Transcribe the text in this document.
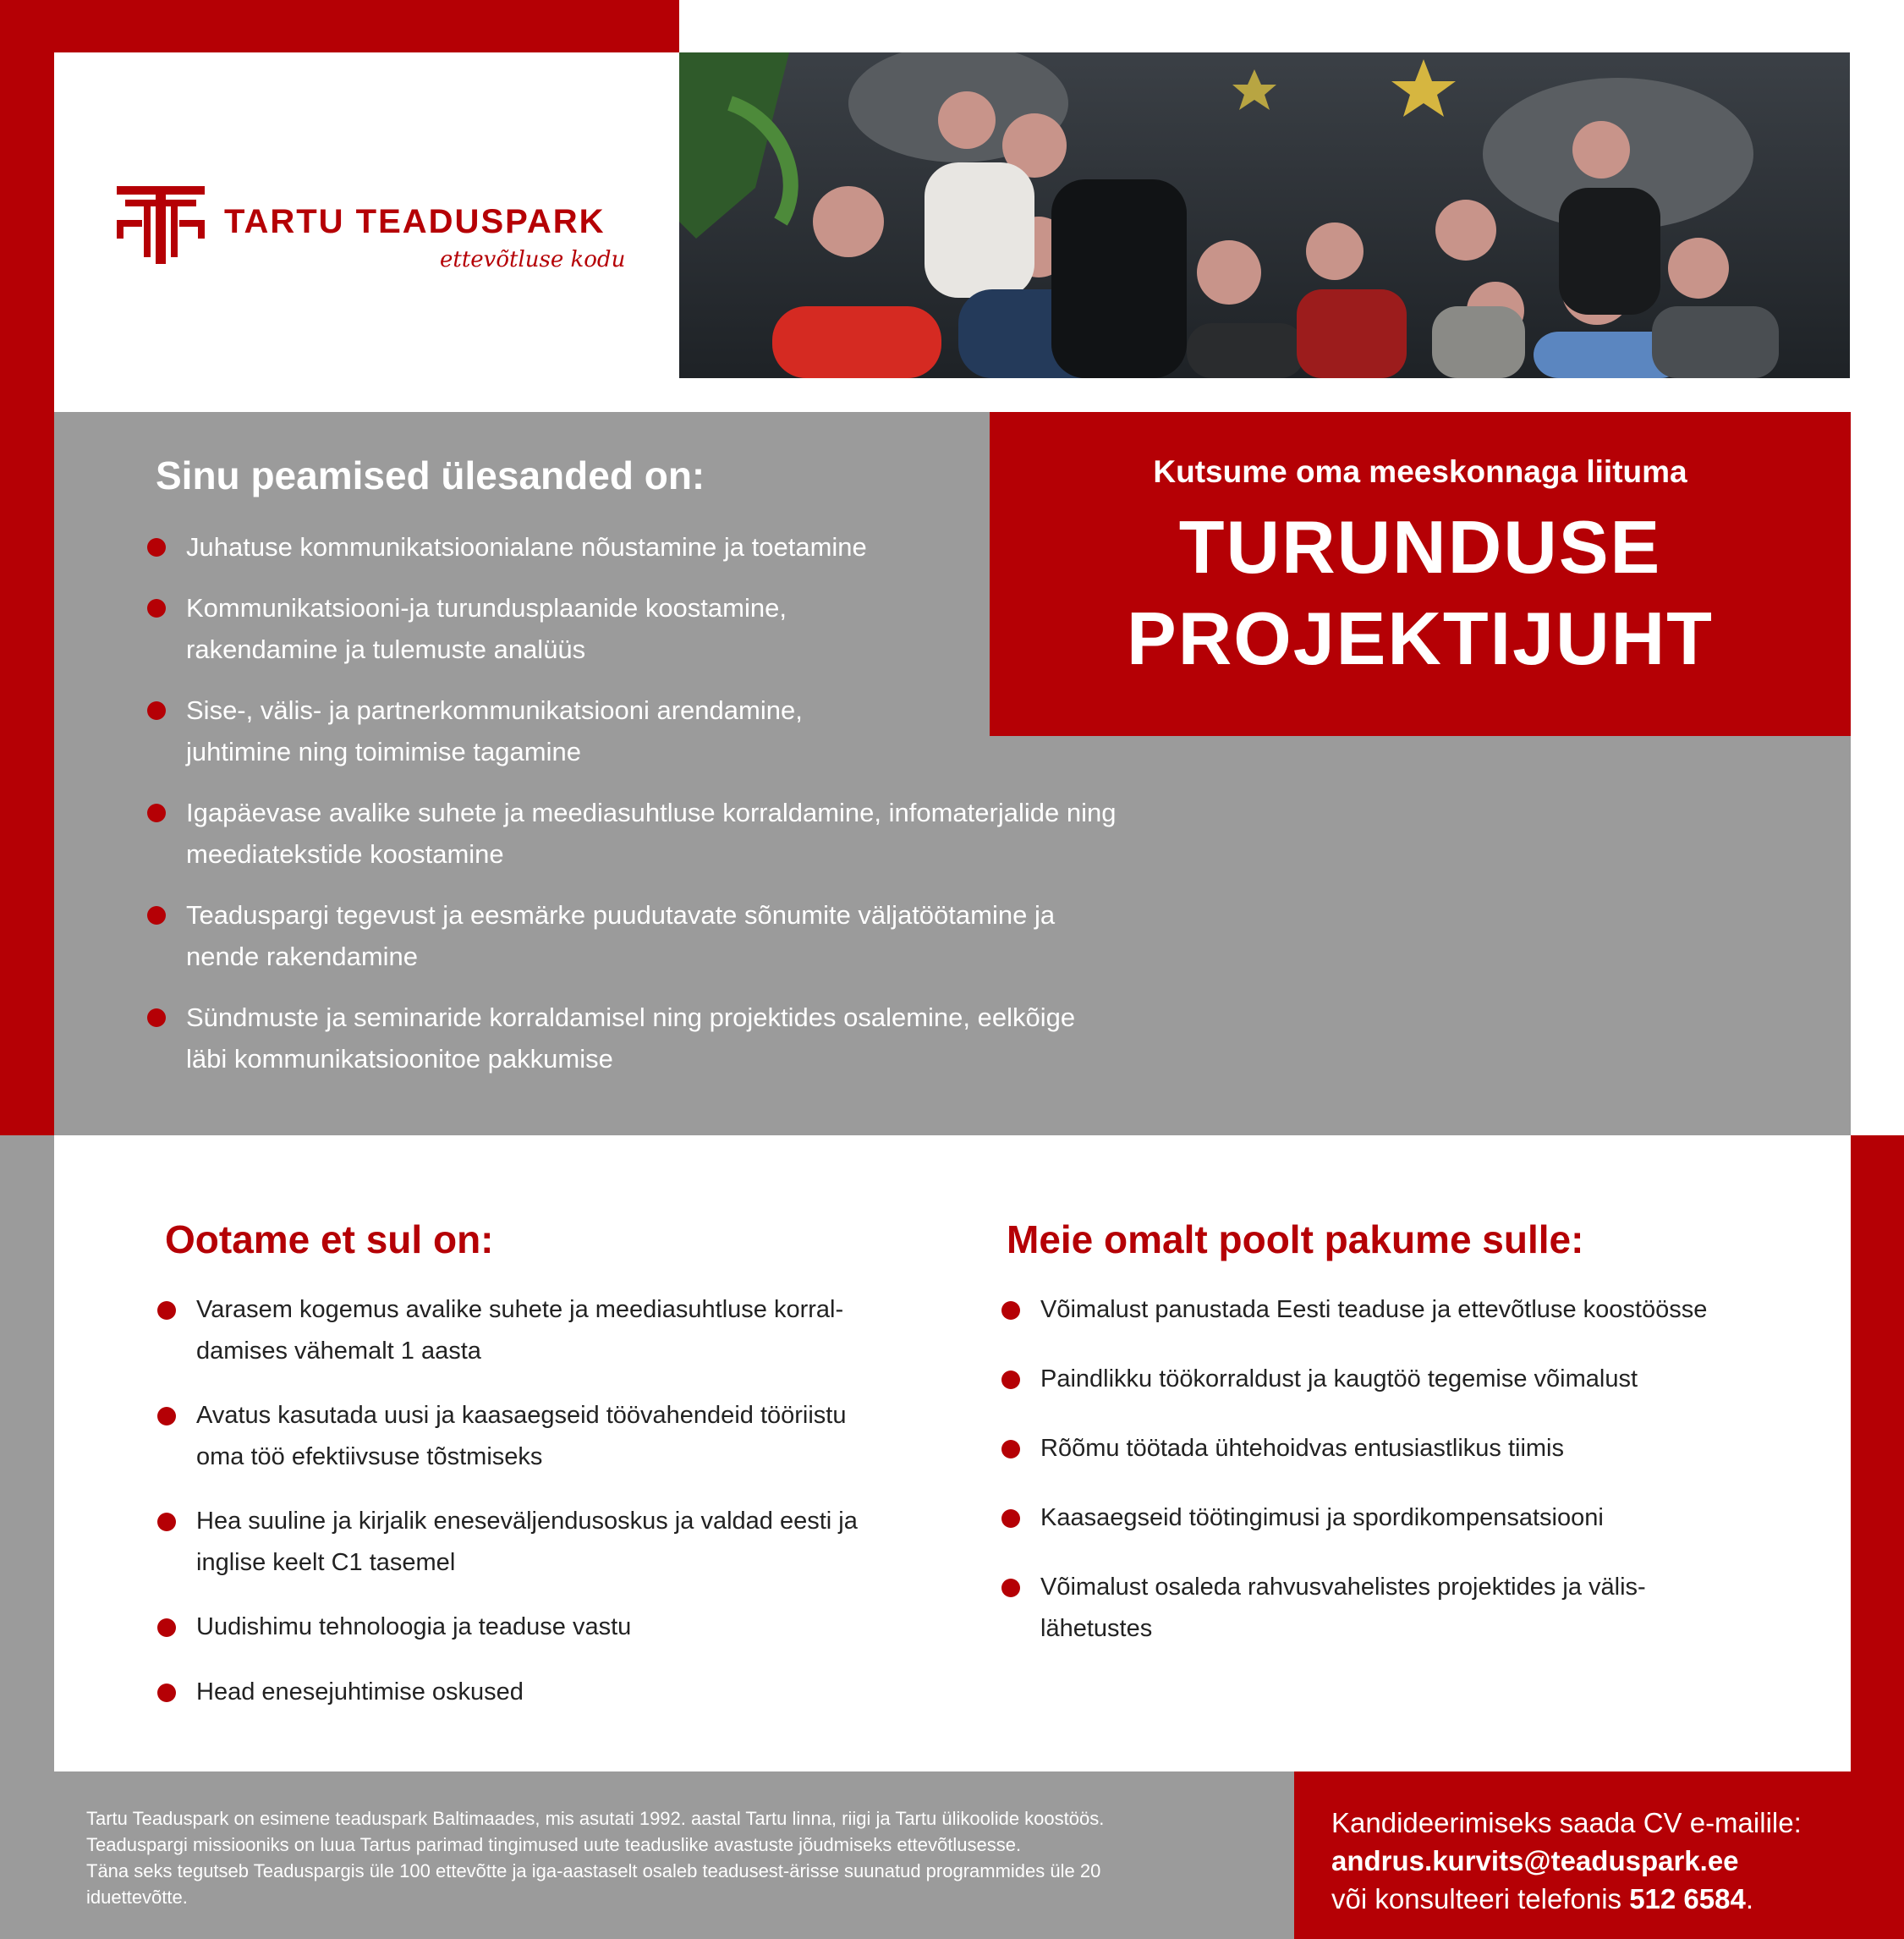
TARTU TEADUSPARK
ettevõtluse kodu
Sinu peamised ülesanded on:
Juhatuse kommunikatsioonialane nõustamine ja toetamine
Kommunikatsiooni-ja turundusplaanide koostamine,
rakendamine ja tulemuste analüüs
Sise-, välis- ja partnerkommunikatsiooni arendamine,
juhtimine ning toimimise tagamine
Igapäevase avalike suhete ja meediasuhtluse korraldamine, infomaterjalide ning
meediatekstide koostamine
Teaduspargi tegevust ja eesmärke puudutavate sõnumite väljatöötamine ja
nende rakendamine
Sündmuste ja seminaride korraldamisel ning projektides osalemine, eelkõige
läbi kommunikatsioonitoe pakkumise
Kutsume oma meeskonnaga liituma
TURUNDUSE
PROJEKTIJUHT
Ootame et sul on:
Varasem kogemus avalike suhete ja meediasuhtluse korral-
damises vähemalt 1 aasta
Avatus kasutada uusi ja kaasaegseid töövahendeid tööriistu
oma töö efektiivsuse tõstmiseks
Hea suuline ja kirjalik eneseväljendusoskus ja valdad eesti ja
inglise keelt C1 tasemel
Uudishimu tehnoloogia ja teaduse vastu
Head enesejuhtimise oskused
Meie omalt poolt pakume sulle:
Võimalust panustada Eesti teaduse ja ettevõtluse koostöösse
Paindlikku töökorraldust ja kaugtöö tegemise võimalust
Rõõmu töötada ühtehoidvas entusiastlikus tiimis
Kaasaegseid töötingimusi ja spordikompensatsiooni
Võimalust osaleda rahvusvahelistes projektides ja välis-
lähetustes
Tartu Teaduspark on esimene teaduspark Baltimaades, mis asutati 1992. aastal Tartu linna, riigi ja Tartu ülikoolide koostöös.
Teaduspargi missiooniks on luua Tartus parimad tingimused uute teaduslike avastuste jõudmiseks ettevõtlusesse.
Täna seks tegutseb Teaduspargis üle 100 ettevõtte ja iga-aastaselt osaleb teadusest-ärisse suunatud programmides üle 20
iduettevõtte.
Kandideerimiseks saada CV e-mailile:
andrus.kurvits@teaduspark.ee
või konsulteeri telefonis 512 6584.
